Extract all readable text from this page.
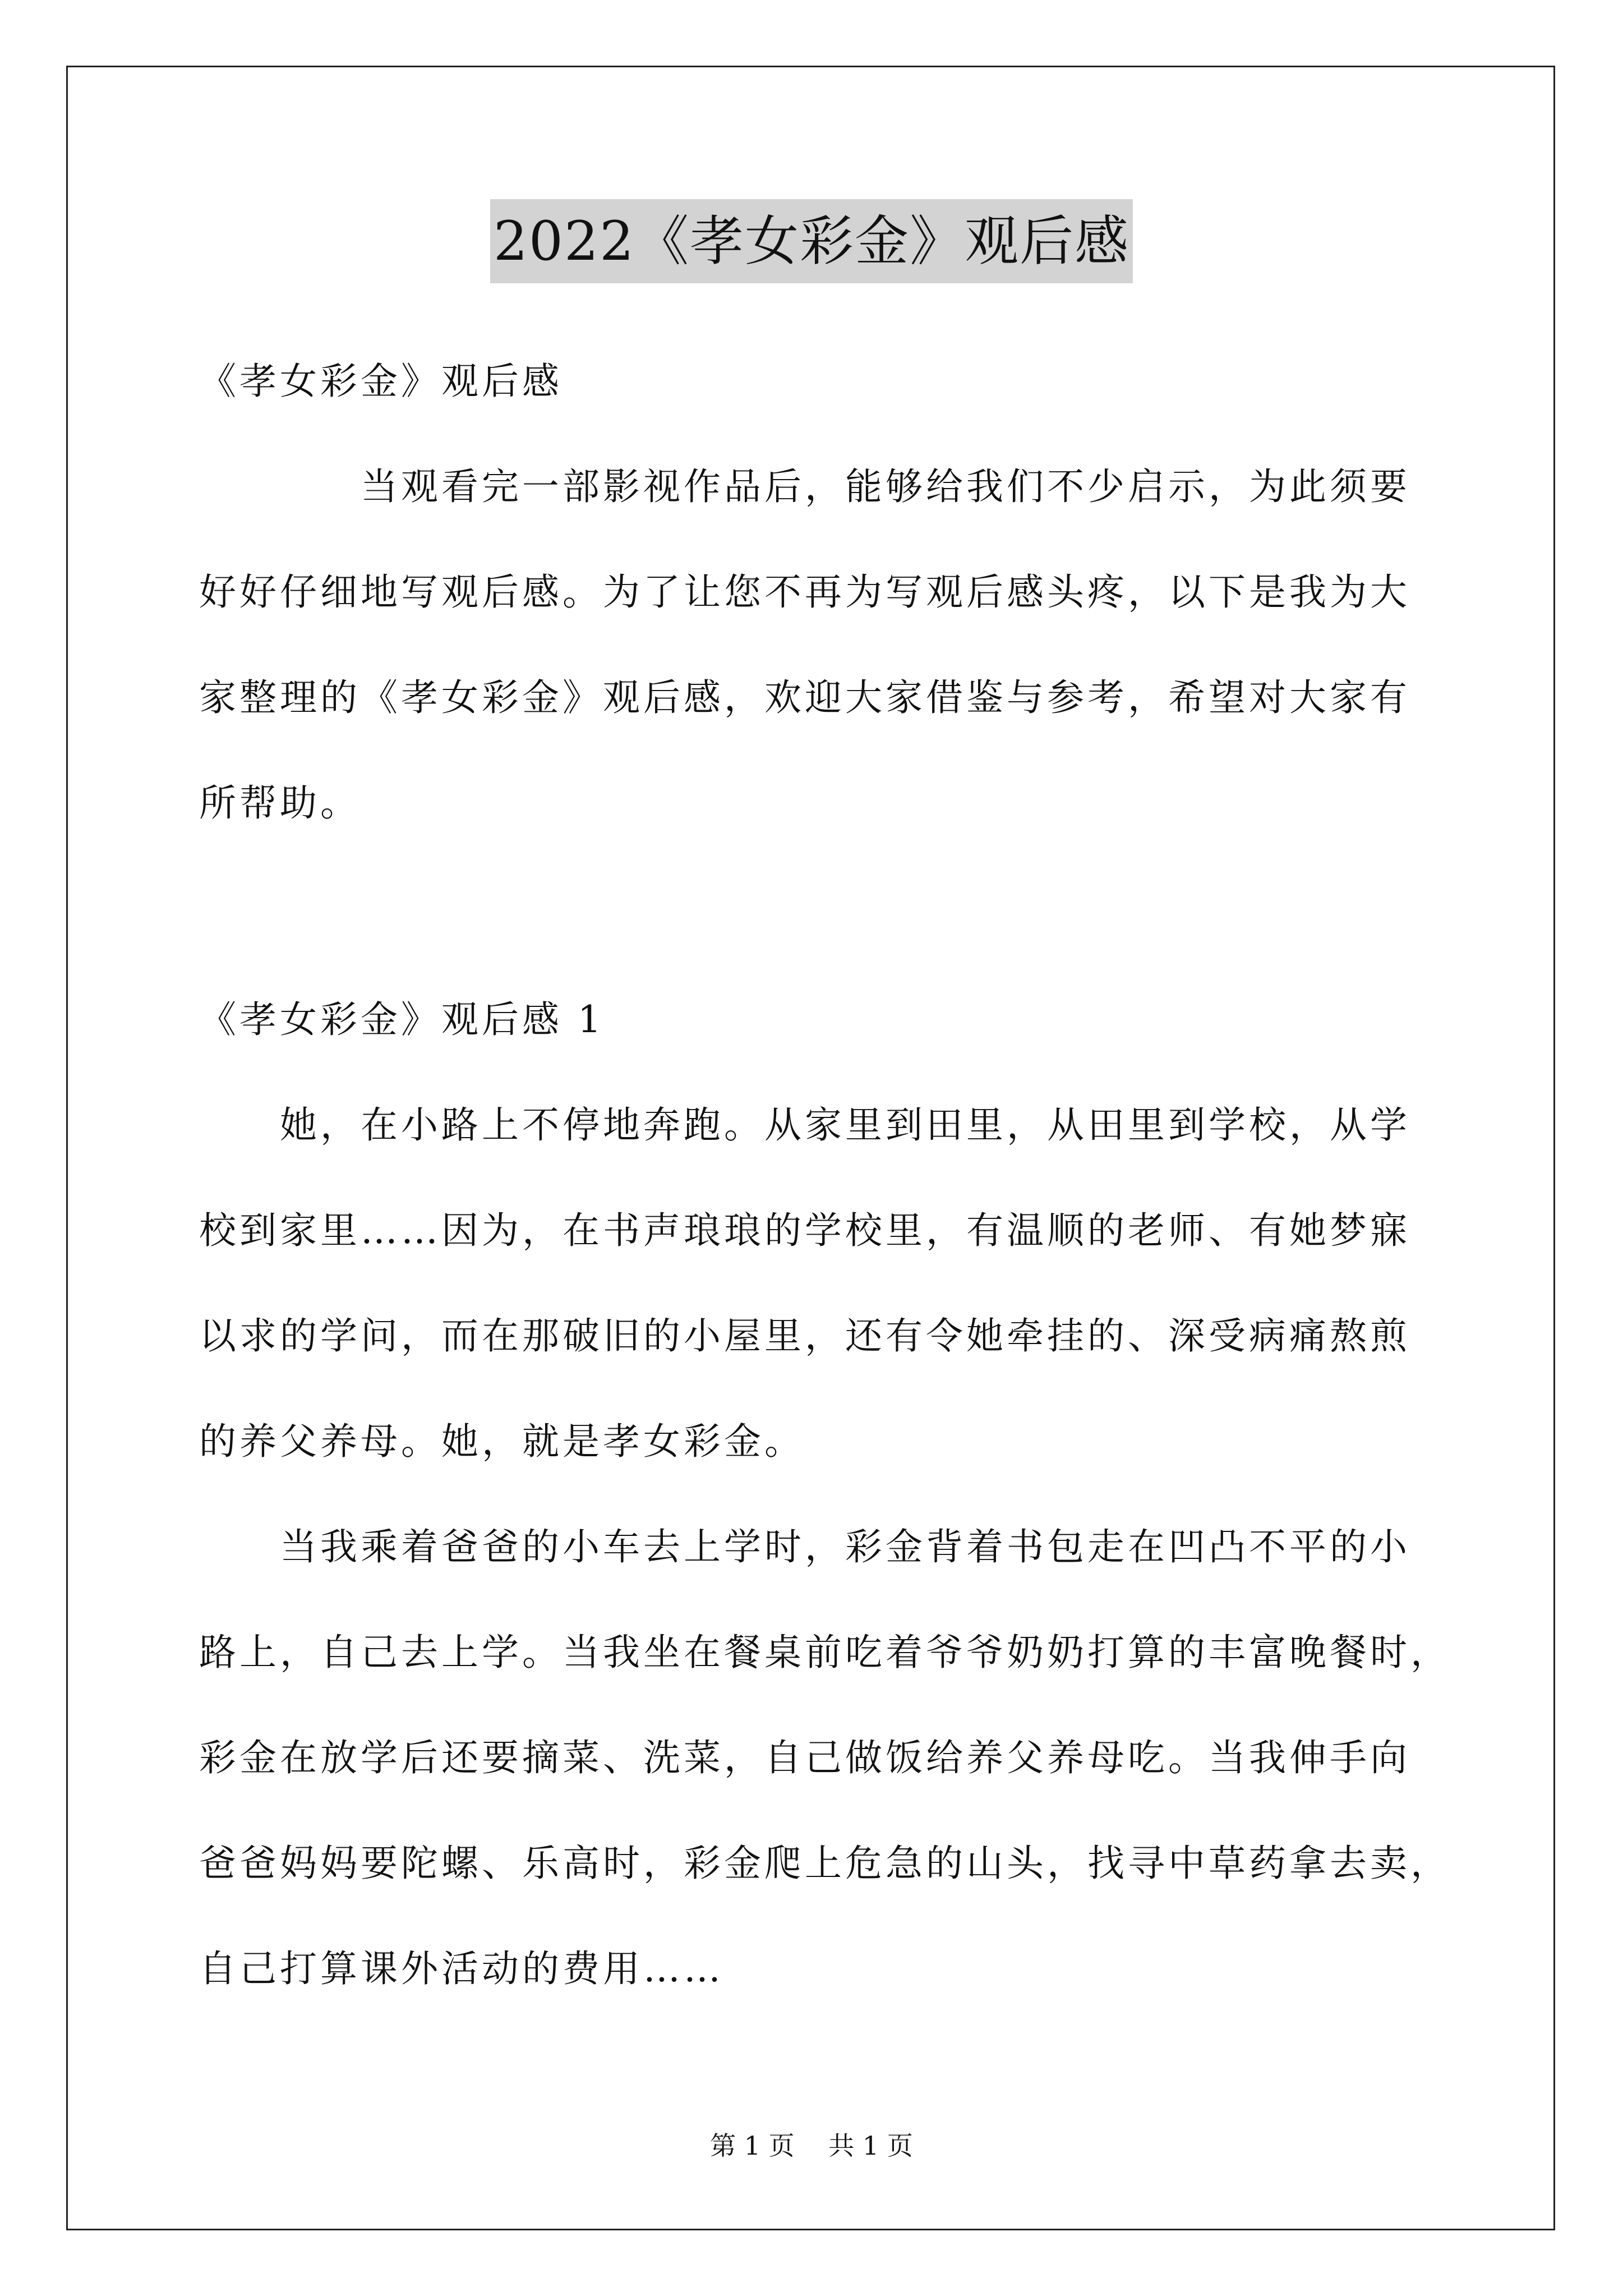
2022《孝女彩金》观后感
《孝女彩金》观后感
　　　　当观看完一部影视作品后，能够给我们不少启示，为此须要
好好仔细地写观后感。为了让您不再为写观后感头疼，以下是我为大
家整理的《孝女彩金》观后感，欢迎大家借鉴与参考，希望对大家有
所帮助。
《孝女彩金》观后感 1
　　她，在小路上不停地奔跑。从家里到田里，从田里到学校，从学
校到家里……因为，在书声琅琅的学校里，有温顺的老师、有她梦寐
以求的学问，而在那破旧的小屋里，还有令她牵挂的、深受病痛熬煎
的养父养母。她，就是孝女彩金。
　　当我乘着爸爸的小车去上学时，彩金背着书包走在凹凸不平的小
路上，自己去上学。当我坐在餐桌前吃着爷爷奶奶打算的丰富晚餐时，
彩金在放学后还要摘菜、洗菜，自己做饭给养父养母吃。当我伸手向
爸爸妈妈要陀螺、乐高时，彩金爬上危急的山头，找寻中草药拿去卖，
自己打算课外活动的费用……
第 1 页　 共 1 页
